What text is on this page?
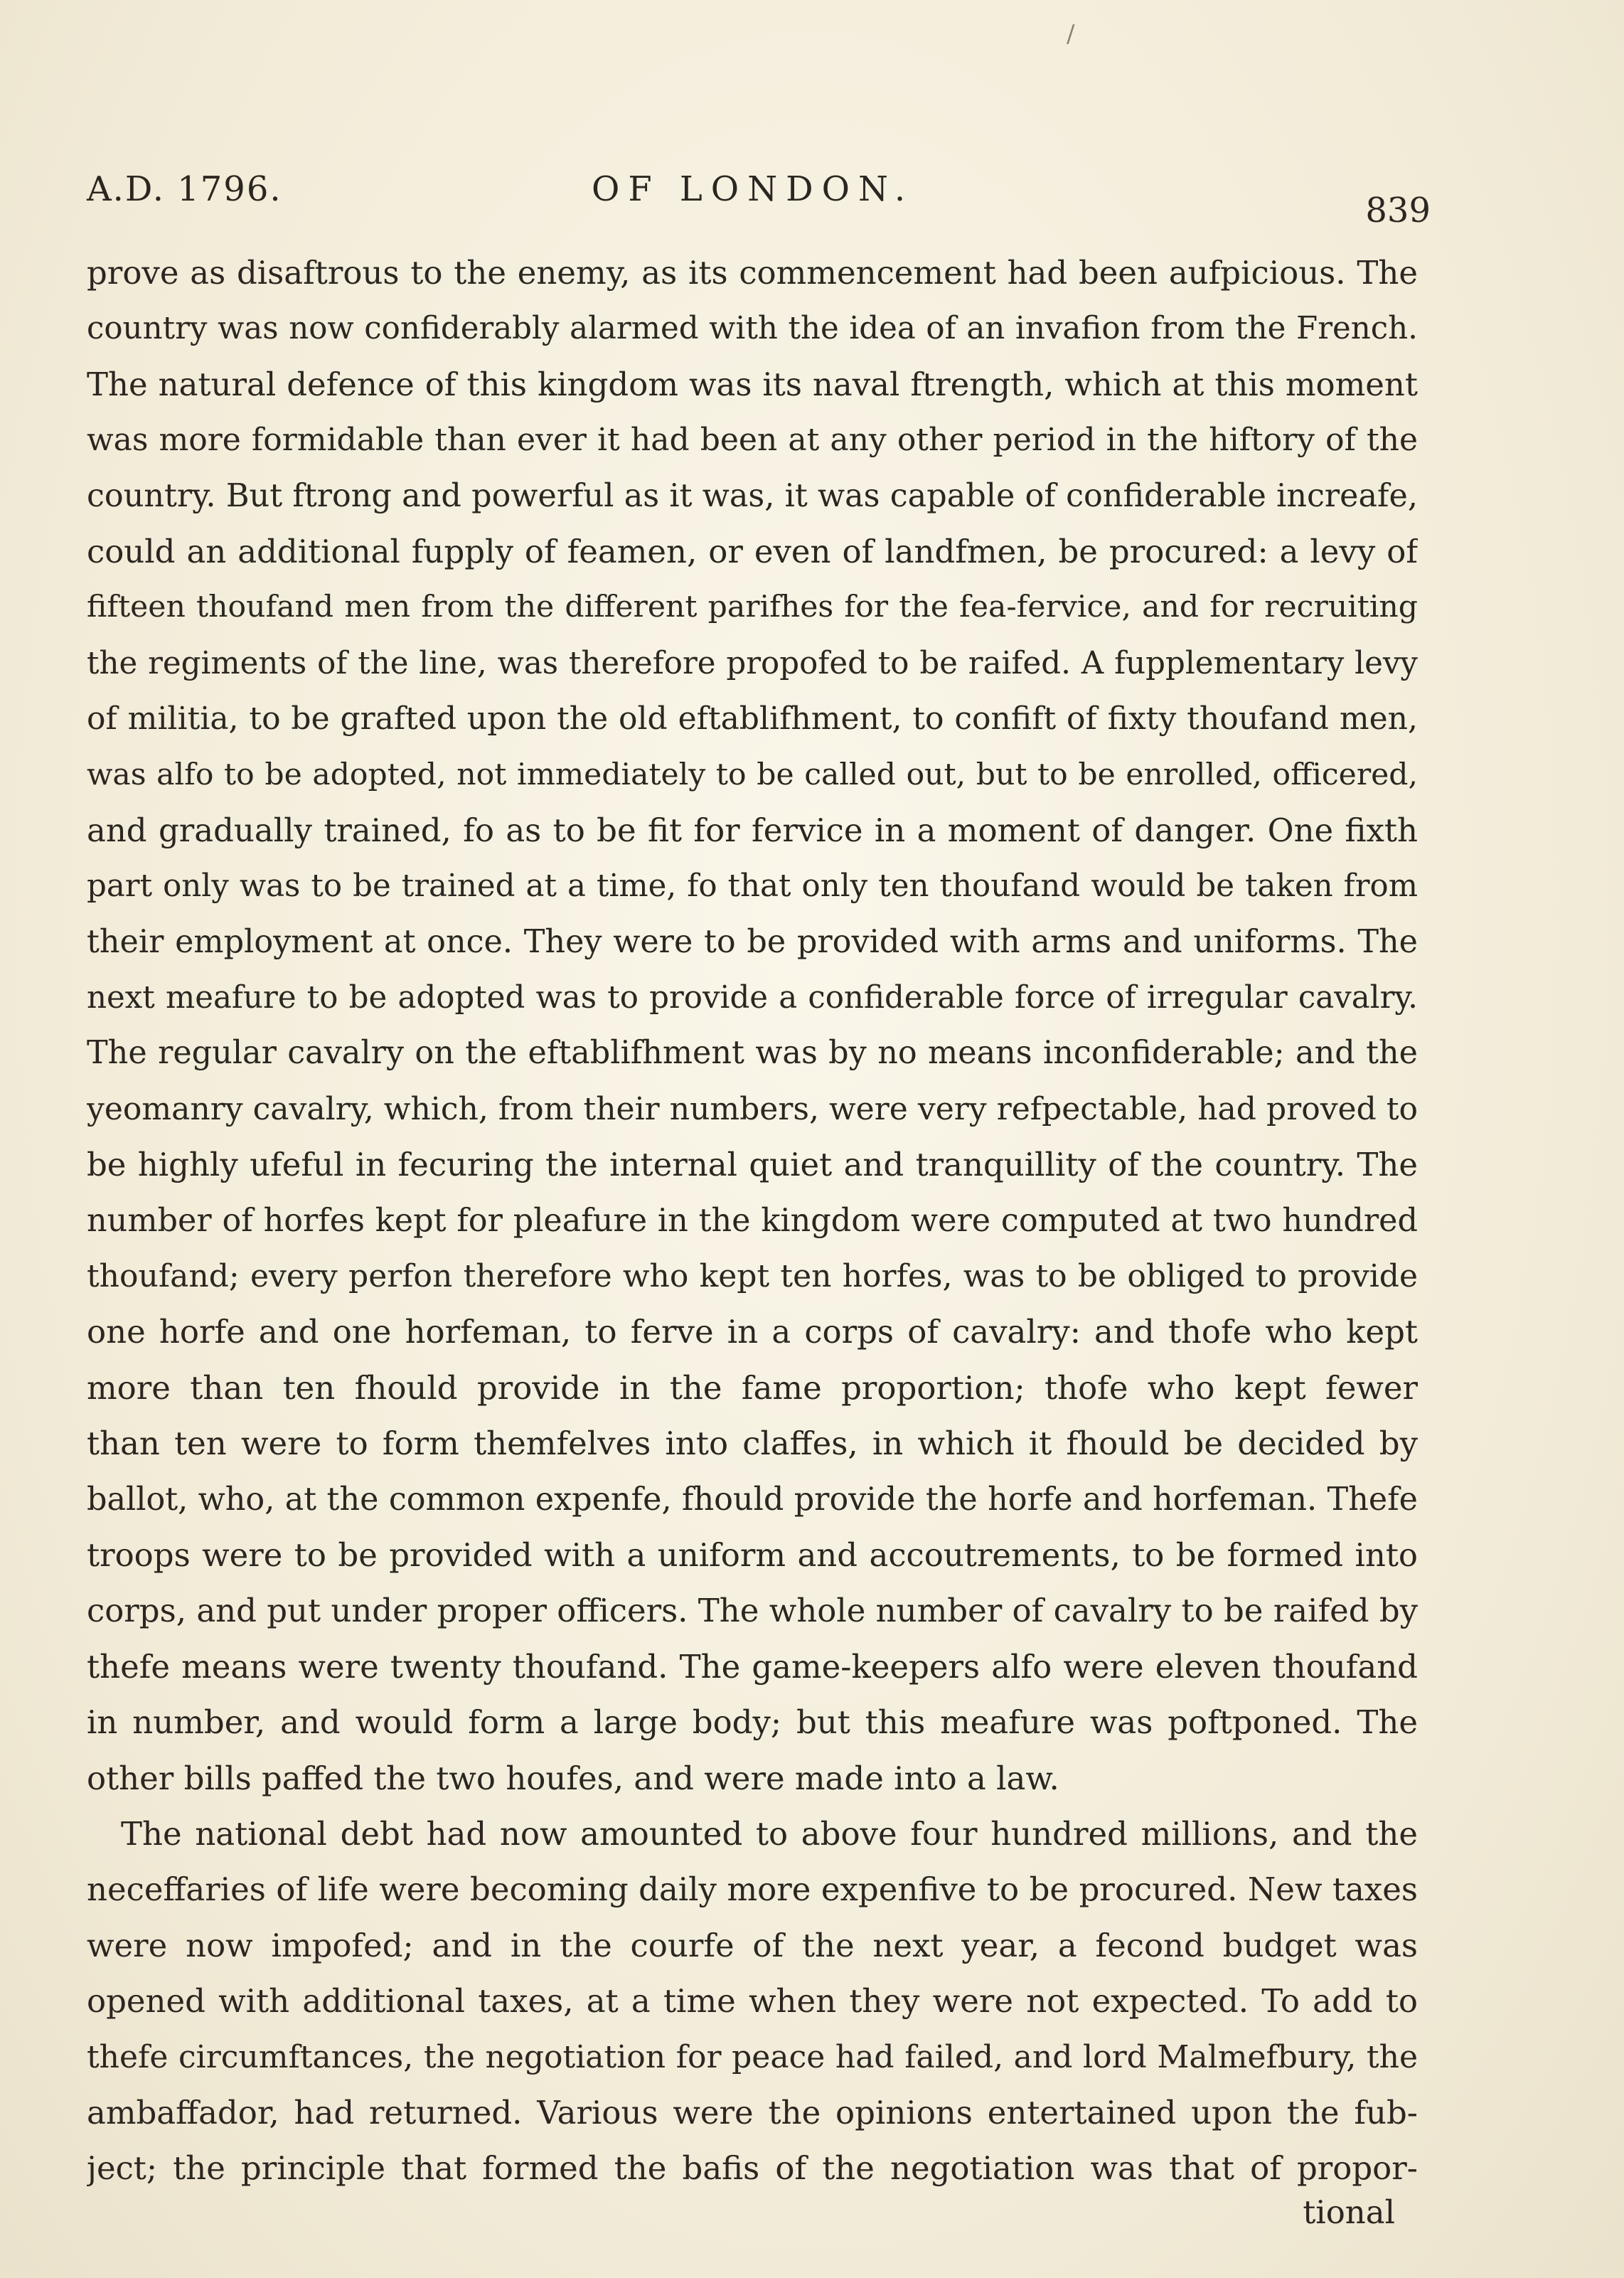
/
A.D. 1796.	OF LONDON.
839
prove as disaftrous to the enemy, as its commencement had been aufpicious. The
country was now confiderably alarmed with the idea of an invafion from the French.
The natural defence of this kingdom was its naval ftrength, which at this moment
was more formidable than ever it had been at any other period in the hiftory of the
country. But ftrong and powerful as it was, it was capable of confiderable increafe,
could an additional fupply of feamen, or even of landfmen, be procured: a levy of
fifteen thoufand men from the different parifhes for the fea-fervice, and for recruiting
the regiments of the line, was therefore propofed to be raifed. A fupplementary levy
of militia, to be grafted upon the old eftablifhment, to confift of fixty thoufand men,
was alfo to be adopted, not immediately to be called out, but to be enrolled, officered,
and gradually trained, fo as to be fit for fervice in a moment of danger. One fixth
part only was to be trained at a time, fo that only ten thoufand would be taken from
their employment at once. They were to be provided with arms and uniforms. The
next meafure to be adopted was to provide a confiderable force of irregular cavalry.
The regular cavalry on the eftablifhment was by no means inconfiderable; and the
yeomanry cavalry, which, from their numbers, were very refpectable, had proved to
be highly ufeful in fecuring the internal quiet and tranquillity of the country. The
number of horfes kept for pleafure in the kingdom were computed at two hundred
thoufand; every perfon therefore who kept ten horfes, was to be obliged to provide
one horfe and one horfeman, to ferve in a corps of cavalry: and thofe who kept
more than ten fhould provide in the fame proportion; thofe who kept fewer
than ten were to form themfelves into claffes, in which it fhould be decided by
ballot, who, at the common expenfe, fhould provide the horfe and horfeman. Thefe
troops were to be provided with a uniform and accoutrements, to be formed into
corps, and put under proper officers. The whole number of cavalry to be raifed by
thefe means were twenty thoufand. The game-keepers alfo were eleven thoufand
in number, and would form a large body; but this meafure was poftponed. The
other bills paffed the two houfes, and were made into a law.
The national debt had now amounted to above four hundred millions, and the
neceffaries of life were becoming daily more expenfive to be procured. New taxes
were now impofed; and in the courfe of the next year, a fecond budget was
opened with additional taxes, at a time when they were not expected. To add to
thefe circumftances, the negotiation for peace had failed, and lord Malmefbury, the
ambaffador, had returned. Various were the opinions entertained upon the fub-
ject; the principle that formed the bafis of the negotiation was that of propor-
tional
